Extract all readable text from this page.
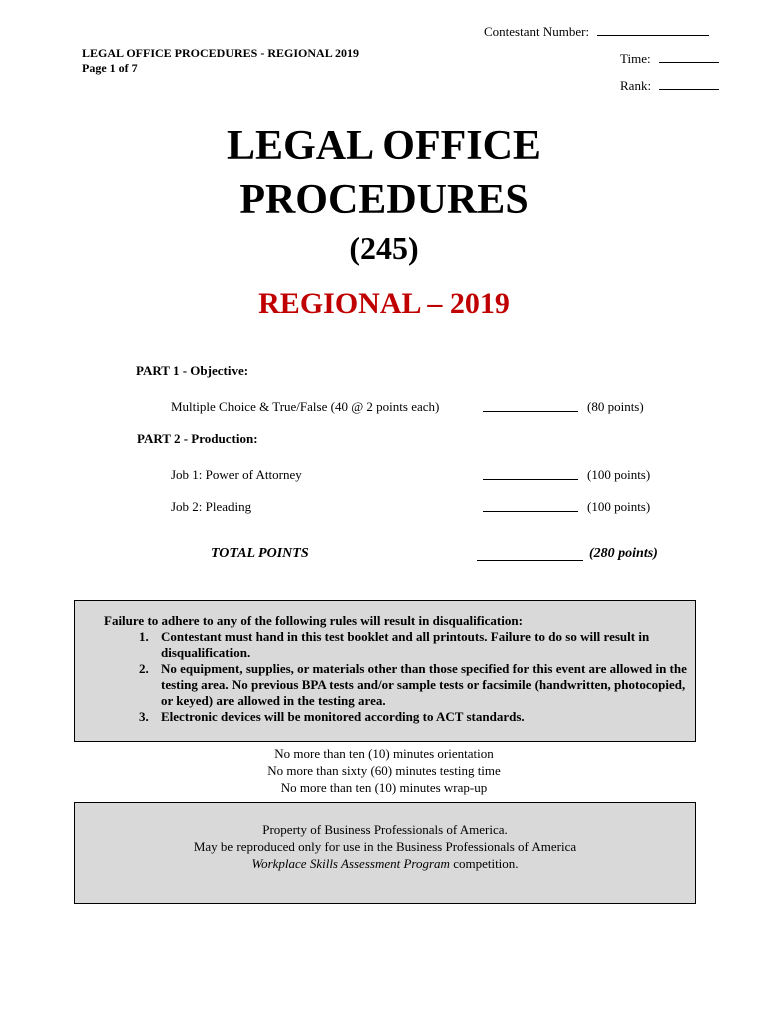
Contestant Number:
Time:
Rank:
LEGAL OFFICE PROCEDURES - REGIONAL 2019
Page 1 of 7
LEGAL OFFICE
PROCEDURES
(245)
REGIONAL – 2019
PART 1 - Objective:
Multiple Choice & True/False (40 @ 2 points each)	(80 points)
PART 2 - Production:
Job 1: Power of Attorney	(100 points)
Job 2: Pleading	(100 points)
TOTAL POINTS	(280 points)
Failure to adhere to any of the following rules will result in disqualification:
1. Contestant must hand in this test booklet and all printouts. Failure to do so will result in disqualification.
2. No equipment, supplies, or materials other than those specified for this event are allowed in the testing area. No previous BPA tests and/or sample tests or facsimile (handwritten, photocopied, or keyed) are allowed in the testing area.
3. Electronic devices will be monitored according to ACT standards.
No more than ten (10) minutes orientation
No more than sixty (60) minutes testing time
No more than ten (10) minutes wrap-up
Property of Business Professionals of America.
May be reproduced only for use in the Business Professionals of America
Workplace Skills Assessment Program competition.
